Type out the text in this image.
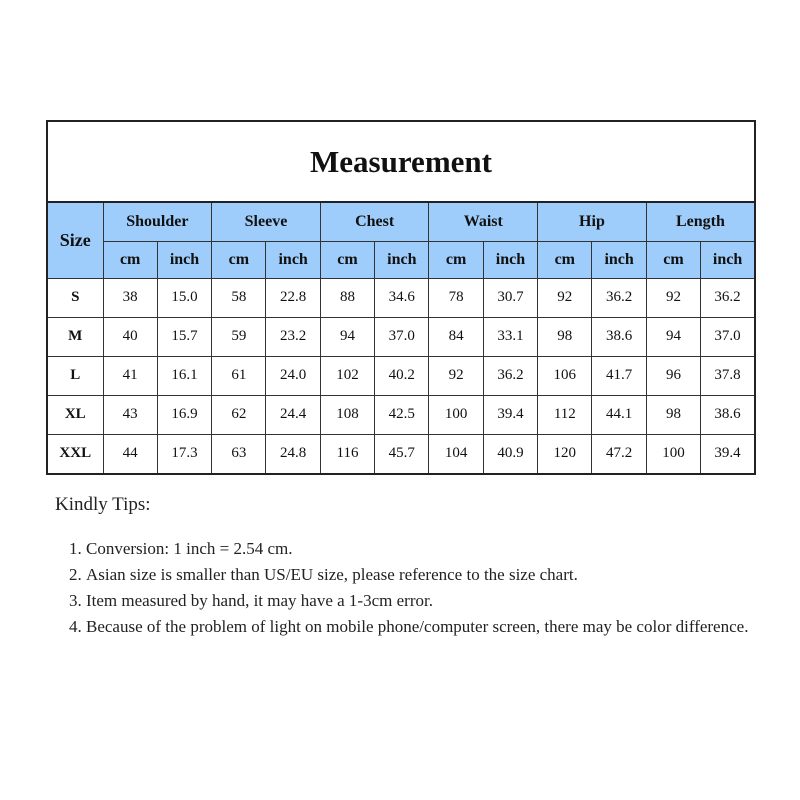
Measurement												
Size	Shoulder		Sleeve		Chest		Waist		Hip		Length	
	cm	inch	cm	inch	cm	inch	cm	inch	cm	inch	cm	inch
S	38	15.0	58	22.8	88	34.6	78	30.7	92	36.2	92	36.2
M	40	15.7	59	23.2	94	37.0	84	33.1	98	38.6	94	37.0
L	41	16.1	61	24.0	102	40.2	92	36.2	106	41.7	96	37.8
XL	43	16.9	62	24.4	108	42.5	100	39.4	112	44.1	98	38.6
XXL	44	17.3	63	24.8	116	45.7	104	40.9	120	47.2	100	39.4
Kindly Tips:
1. Conversion: 1 inch = 2.54 cm.
2. Asian size is smaller than US/EU size, please reference to the size chart.
3. Item measured by hand, it may have a 1-3cm error.
4. Because of the problem of light on mobile phone/computer screen, there may be color difference.
